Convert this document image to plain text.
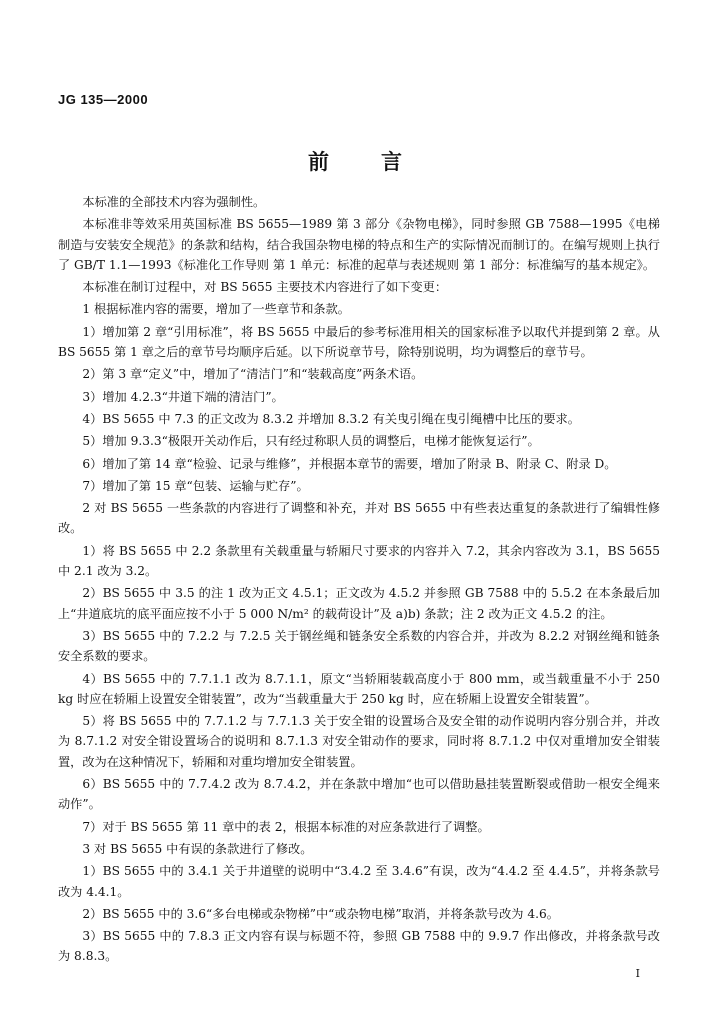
JG 135—2000
前言

本标准的全部技术内容为强制性。

本标准非等效采用英国标准 BS 5655—1989 第 3 部分《杂物电梯》，同时参照 GB 7588—1995《电梯制造与安装安全规范》的条款和结构，结合我国杂物电梯的特点和生产的实际情况而制订的。在编写规则上执行了 GB/T 1.1—1993《标准化工作导则 第 1 单元：标准的起草与表述规则 第 1 部分：标准编写的基本规定》。

本标准在制订过程中，对 BS 5655 主要技术内容进行了如下变更：

1 根据标准内容的需要，增加了一些章节和条款。

1）增加第 2 章“引用标准”，将 BS 5655 中最后的参考标准用相关的国家标准予以取代并提到第 2 章。从 BS 5655 第 1 章之后的章节号均顺序后延。以下所说章节号，除特别说明，均为调整后的章节号。

2）第 3 章“定义”中，增加了“清洁门”和“装载高度”两条术语。

3）增加 4.2.3“井道下端的清洁门”。

4）BS 5655 中 7.3 的正文改为 8.3.2 并增加 8.3.2 有关曳引绳在曳引绳槽中比压的要求。

5）增加 9.3.3“极限开关动作后，只有经过称职人员的调整后，电梯才能恢复运行”。

6）增加了第 14 章“检验、记录与维修”，并根据本章节的需要，增加了附录 B、附录 C、附录 D。

7）增加了第 15 章“包装、运输与贮存”。

2 对 BS 5655 一些条款的内容进行了调整和补充，并对 BS 5655 中有些表达重复的条款进行了编辑性修改。

1）将 BS 5655 中 2.2 条款里有关载重量与轿厢尺寸要求的内容并入 7.2，其余内容改为 3.1，BS 5655 中 2.1 改为 3.2。

2）BS 5655 中 3.5 的注 1 改为正文 4.5.1；正文改为 4.5.2 并参照 GB 7588 中的 5.5.2 在本条最后加上“井道底坑的底平面应按不小于 5 000 N/m² 的载荷设计”及 a)b) 条款；注 2 改为正文 4.5.2 的注。

3）BS 5655 中的 7.2.2 与 7.2.5 关于钢丝绳和链条安全系数的内容合并，并改为 8.2.2 对钢丝绳和链条安全系数的要求。

4）BS 5655 中的 7.7.1.1 改为 8.7.1.1，原文“当轿厢装载高度小于 800 mm，或当载重量不小于 250 kg 时应在轿厢上设置安全钳装置”，改为“当载重量大于 250 kg 时，应在轿厢上设置安全钳装置”。

5）将 BS 5655 中的 7.7.1.2 与 7.7.1.3 关于安全钳的设置场合及安全钳的动作说明内容分别合并，并改为 8.7.1.2 对安全钳设置场合的说明和 8.7.1.3 对安全钳动作的要求，同时将 8.7.1.2 中仅对重增加安全钳装置，改为在这种情况下，轿厢和对重均增加安全钳装置。

6）BS 5655 中的 7.7.4.2 改为 8.7.4.2，并在条款中增加“也可以借助悬挂装置断裂或借助一根安全绳来动作”。

7）对于 BS 5655 第 11 章中的表 2，根据本标准的对应条款进行了调整。

3 对 BS 5655 中有误的条款进行了修改。

1）BS 5655 中的 3.4.1 关于井道壁的说明中“3.4.2 至 3.4.6”有误，改为“4.4.2 至 4.4.5”，并将条款号改为 4.4.1。

2）BS 5655 中的 3.6“多台电梯或杂物梯”中“或杂物电梯”取消，并将条款号改为 4.6。

3）BS 5655 中的 7.8.3 正文内容有误与标题不符，参照 GB 7588 中的 9.9.7 作出修改，并将条款号改为 8.8.3。

I
